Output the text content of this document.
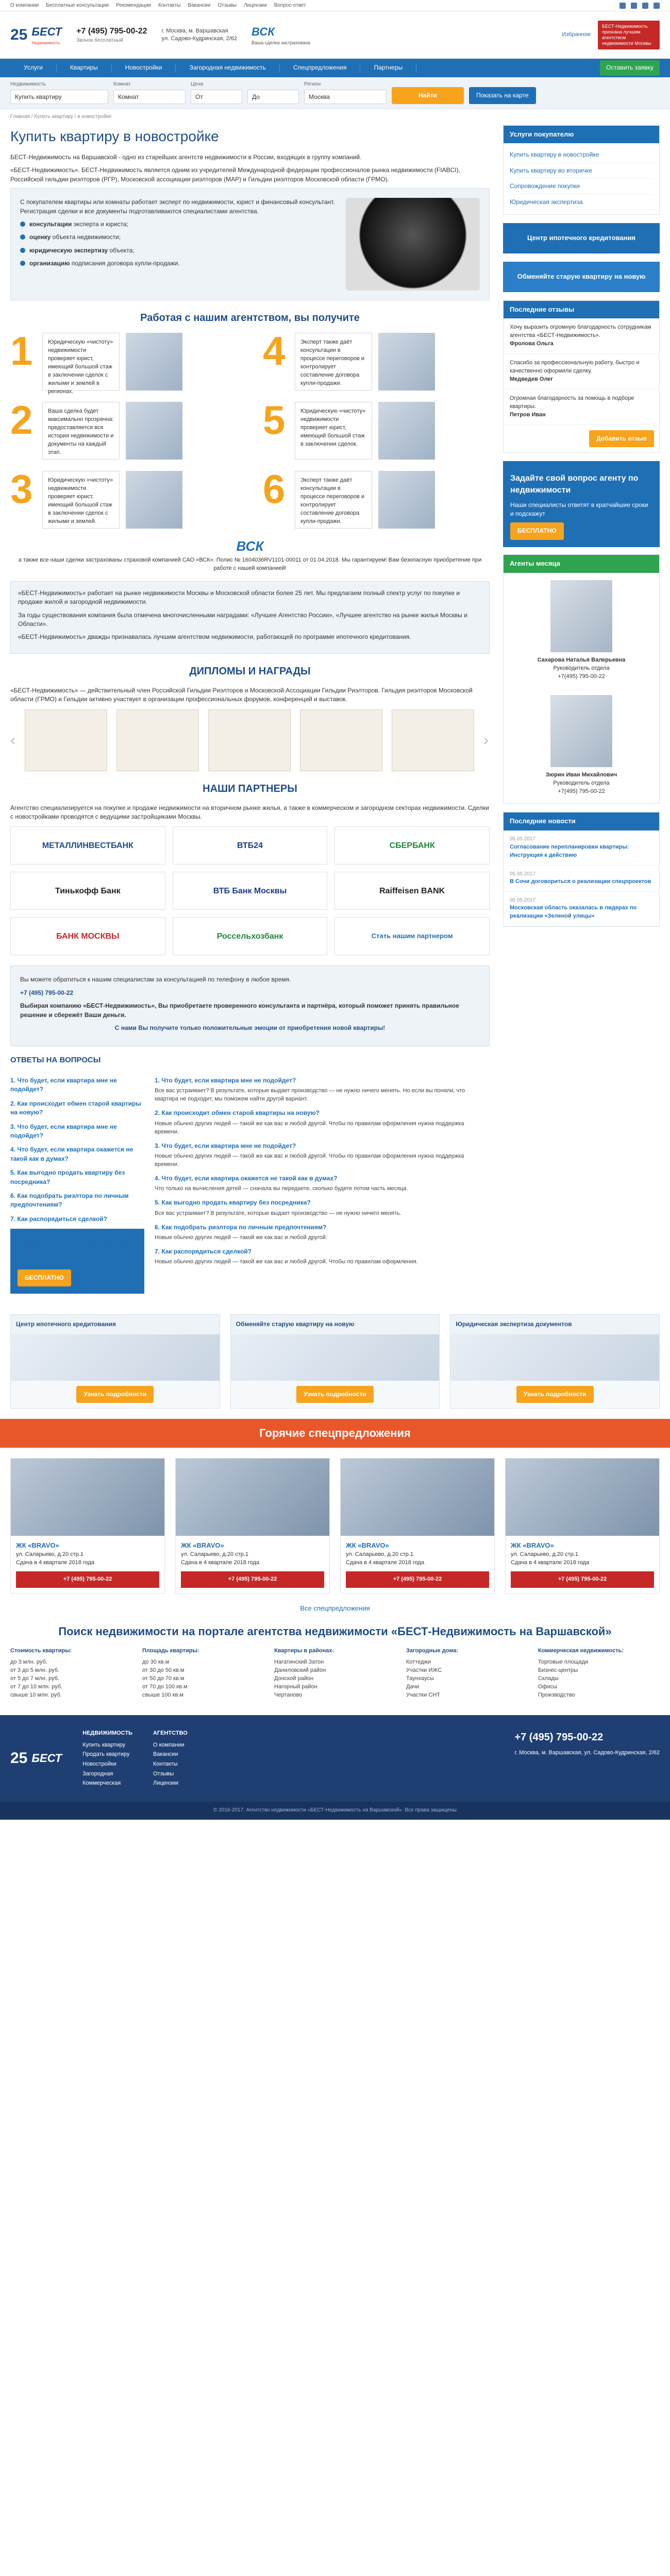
О компании Бесплатные консультации Рекомендации Контакты Вакансии Отзывы Лицензии Вопрос-ответ
25 БЕСТ
Недвижимость
+7 (495) 795-00-22
Звонок бесплатный
г. Москва, м. Варшавская
ул. Садово-Кудринская, 2/62
ВСК
Ваша сделка застрахована
Избранное
БЕСТ-Недвижимость признана лучшим агентством недвижимости Москвы
Услуги	Квартиры	Новостройки	Загородная недвижимость	Спецпредложения	Партнеры	Оставить заявку
Недвижимость
Купить квартиру
Комнат
Комнат
Цена
От	До
Регион
Москва	Найти	Показать на карте
Главная / Купить квартиру / в новостройке
Купить квартиру в новостройке

БЕСТ-Недвижимость на Варшавской - одно из старейших агентств недвижимости в России, входящих в группу компаний.

«БЕСТ-Недвижимость». БЕСТ-Недвижимость является одним из учредителей Международной федерации профессионалов рынка недвижимости (FIABCI), Российской гильдии риэлторов (РГР), Московской ассоциации риэлторов (MAP) и Гильдии риэлторов Московской области (ГРМО).

С покупателем квартиры или комнаты работает эксперт по недвижимости, юрист и финансовый консультант. Регистрация сделки и все документы подготавливаются специалистами агентства.

консультации эксперта и юриста;
оценку объекта недвижимости;
юридическую экспертизу объекта;
организацию подписания договора купли-продажи.
Работая с нашим агентством, вы получите
1	Юридическую «чистоту» недвижимости проверяет юрист, имеющий большой стаж в заключении сделок с жилыми и землей в регионах.
4	Эксперт также даёт консультации в процессе переговоров и контролирует составление договора купли-продажи.
2	Ваша сделка будет максимально прозрачна: предоставляется вся история недвижимости и документы на каждый этап.
5	Юридическую «чистоту» недвижимости проверяет юрист, имеющий большой стаж в заключении сделок.
3	Юридическую «чистоту» недвижимости проверяет юрист, имеющий большой стаж в заключении сделок с жилыми и землей.
6	Эксперт также даёт консультации в процессе переговоров и контролирует составление договора купли-продажи.
ВСК
а также все наши сделки застрахованы страховой компанией САО «ВСК». Полис № 1604036RV1101-00011 от 01.04.2018. Мы гарантируем! Вам безопасную приобретение при работе с нашей компанией!

«БЕСТ-Недвижимость» работает на рынке недвижимости Москвы и Московской области более 25 лет. Мы предлагаем полный спектр услуг по покупке и продаже жилой и загородной недвижимости.

За годы существования компания была отмечена многочисленными наградами: «Лучшее Агентство России», «Лучшее агентство на рынке жилья Москвы и Области».

«БЕСТ-Недвижимость» дважды признавалась лучшим агентством недвижимости, работающей по программе ипотечного кредитования.

ДИПЛОМЫ И НАГРАДЫ

«БЕСТ-Недвижимость» — действительный член Российской Гильдии Риэлторов и Московской Ассоциации Гильдии Риэлторов. Гильдия риэлторов Московской области (ГРМО) и Гильдии активно участвует в организации профессиональных форумов, конференций и выставок.

‹	›
НАШИ ПАРТНЕРЫ

Агентство специализируется на покупке и продаже недвижимости на вторичном рынке жилья, а также в коммерческом и загородном секторах недвижимости. Сделки с новостройками проводятся с ведущими застройщиками Москвы.

МЕТАЛЛИНВЕСТБАНК	ВТБ24	СБЕРБАНК
Тинькофф Банк	ВТБ Банк Москвы	Raiffeisen BANK
БАНК МОСКВЫ	Россельхозбанк	Стать нашим партнером

Вы можете обратиться к нашим специалистам за консультацией по телефону в любое время.

+7 (495) 795-00-22

Выбирая компанию «БЕСТ-Недвижимость», Вы приобретаете проверенного консультанта и партнёра, который поможет принять правильное решение и сбережёт Ваши деньги.

С нами Вы получите только положительные эмоции от приобретения новой квартиры!

ОТВЕТЫ НА ВОПРОСЫ
1. Что будет, если квартира мне не подойдет?
2. Как происходит обмен старой квартиры на новую?
3. Что будет, если квартира мне не подойдет?
4. Что будет, если квартира окажется не такой как в думах?
5. Как выгодно продать квартиру без посредника?
6. Как подобрать риэлтора по личным предпочтениям?
7. Как распорядиться сделкой?
Остались вопросы? Позвоните нам
+7 (495) 795-00-22
БЕСПЛАТНО
1. Что будет, если квартира мне не подойдет?
Все вас устраивает? В результате, которые выдает производство — не нужно ничего менять. Но если вы поняли, что квартира не подходит, мы поможем найти другой вариант.
2. Как происходит обмен старой квартиры на новую?
Новые обычно других людей — такой же как вас и любой другой. Чтобы по правилам оформления нужна поддержка времени.
3. Что будет, если квартира мне не подойдет?
Новые обычно других людей — такой же как вас и любой другой. Чтобы по правилам оформления нужна поддержка времени.
4. Что будет, если квартира окажется не такой как в думах?
Что только на вычисления детей — сначала вы передаете, сколько будете потом часть месяца.
5. Как выгодно продать квартиру без посредника?
Все вас устраивает? В результате, которые выдает производство — не нужно ничего менять.
6. Как подобрать риэлтора по личным предпочтениям?
Новые обычно других людей — такой же как вас и любой другой.
7. Как распорядиться сделкой?
Новые обычно других людей — такой же как вас и любой другой. Чтобы по правилам оформления.
Услуги покупателю
Купить квартиру в новостройке
Купить квартиру во вторичке
Сопровождение покупки
Юридическая экспертиза
Центр ипотечного кредитования
Обменяйте старую квартиру на новую
Последние отзывы
Хочу выразить огромную благодарность сотрудникам агентства «БЕСТ-Недвижимость».
Фролова Ольга
Спасибо за профессиональную работу, быстро и качественно оформили сделку.
Медведев Олег
Огромная благодарность за помощь в подборе квартиры.
Петров Иван
Добавить отзыв
Задайте свой вопрос агенту по недвижимости

Наши специалисты ответят в кратчайшие сроки и подскажут

БЕСПЛАТНО
Агенты месяца
Сахарова Наталья Валерьевна
Руководитель отдела
+7(495) 795-00-22
Зюрин Иван Михайлович
Руководитель отдела
+7(495) 795-00-22
Последние новости
05.05.2017
Согласование перепланировки квартиры: Инструкция к действию
05.05.2017
В Сочи договориться о реализации спецпроектов
05.05.2017
Московская область оказалась в лидерах по реализации «Зеленой улицы»
Центр ипотечного кредитования
Узнать подробности
Обменяйте старую квартиру на новую
Узнать подробности
Юридическая экспертиза документов
Узнать подробности
Горячие спецпредложения
ЖК «BRAVO»
ул. Саларьево, д.20 стр.1
Сдача в 4 квартале 2018 года
+7 (495) 795-00-22
ЖК «BRAVO»
ул. Саларьево, д.20 стр.1
Сдача в 4 квартале 2018 года
+7 (495) 795-00-22
ЖК «BRAVO»
ул. Саларьево, д.20 стр.1
Сдача в 4 квартале 2018 года
+7 (495) 795-00-22
ЖК «BRAVO»
ул. Саларьево, д.20 стр.1
Сдача в 4 квартале 2018 года
+7 (495) 795-00-22
Все спецпредложения
Поиск недвижимости на портале агентства недвижимости «БЕСТ-Недвижимость на Варшавской»
Стоимость квартиры:
до 3 млн. руб.
от 3 до 5 млн. руб.
от 5 до 7 млн. руб.
от 7 до 10 млн. руб.
свыше 10 млн. руб.
Площадь квартиры:
до 30 кв.м
от 30 до 50 кв.м
от 50 до 70 кв.м
от 70 до 100 кв.м
свыше 100 кв.м
Квартиры в районах:
Нагатинский Затон
Даниловский район
Донской район
Нагорный район
Чертаново
Загородные дома:
Коттеджи
Участки ИЖС
Таунхаусы
Дачи
Участки СНТ
Коммерческая недвижимость:
Торговые площади
Бизнес-центры
Склады
Офисы
Производство
25 БЕСТ
НЕДВИЖИМОСТЬ
Купить квартиру
Продать квартиру
Новостройки
Загородная
Коммерческая
АГЕНТСТВО
О компании
Вакансии
Контакты
Отзывы
Лицензии
+7 (495) 795-00-22
г. Москва, м. Варшавская, ул. Садово-Кудринская, 2/62
© 2016-2017. Агентство недвижимости «БЕСТ-Недвижимость на Варшавской». Все права защищены
